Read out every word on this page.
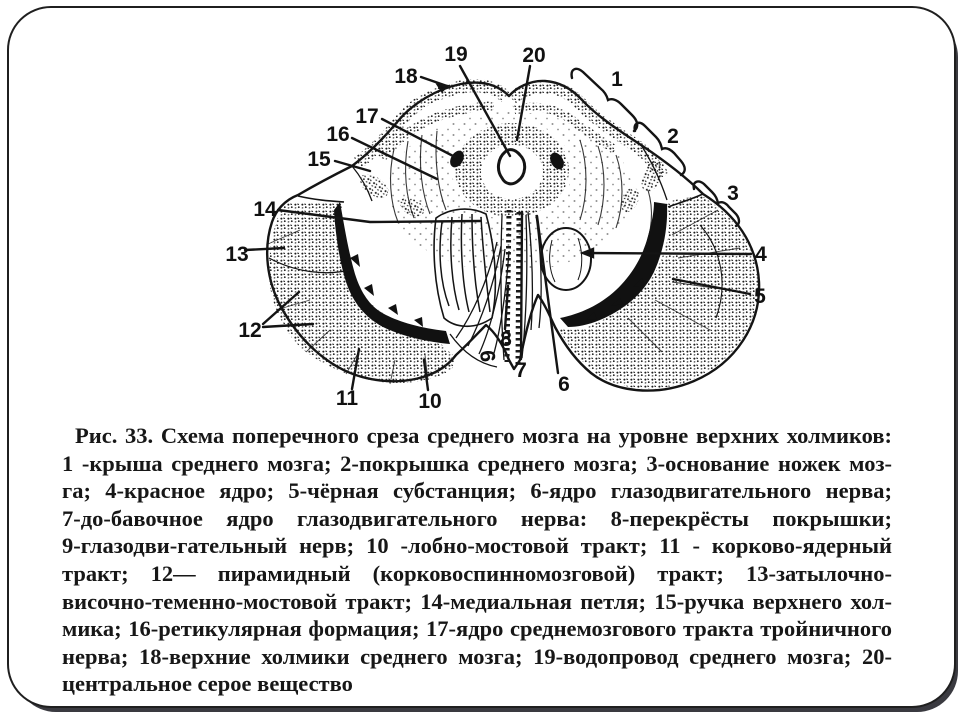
1
2
3
4
5
6
7
8
9
10
11
12
13
14
15
16
17
18
19	20
Рис. 33. Схема поперечного среза среднего мозга на уровне верхних холмиков:
1 -крыша среднего мозга; 2-покрышка среднего мозга; 3-основание ножек моз-
га; 4-красное ядро; 5-чёрная субстанция; 6-ядро глазодвигательного нерва;
7-до-бавочное ядро глазодвигательного нерва: 8-перекрёсты покрышки;
9-глазодви-гательный нерв; 10 -лобно-мостовой тракт; 11 - корково-ядерный
тракт; 12— пирамидный (корковоспинномозговой) тракт; 13-затылочно-
височно-теменно-мостовой тракт; 14-медиальная петля; 15-ручка верхнего хол-
мика; 16-ретикулярная формация; 17-ядро среднемозгового тракта тройничного
нерва; 18-верхние холмики среднего мозга; 19-водопровод среднего мозга; 20-
центральное серое вещество
